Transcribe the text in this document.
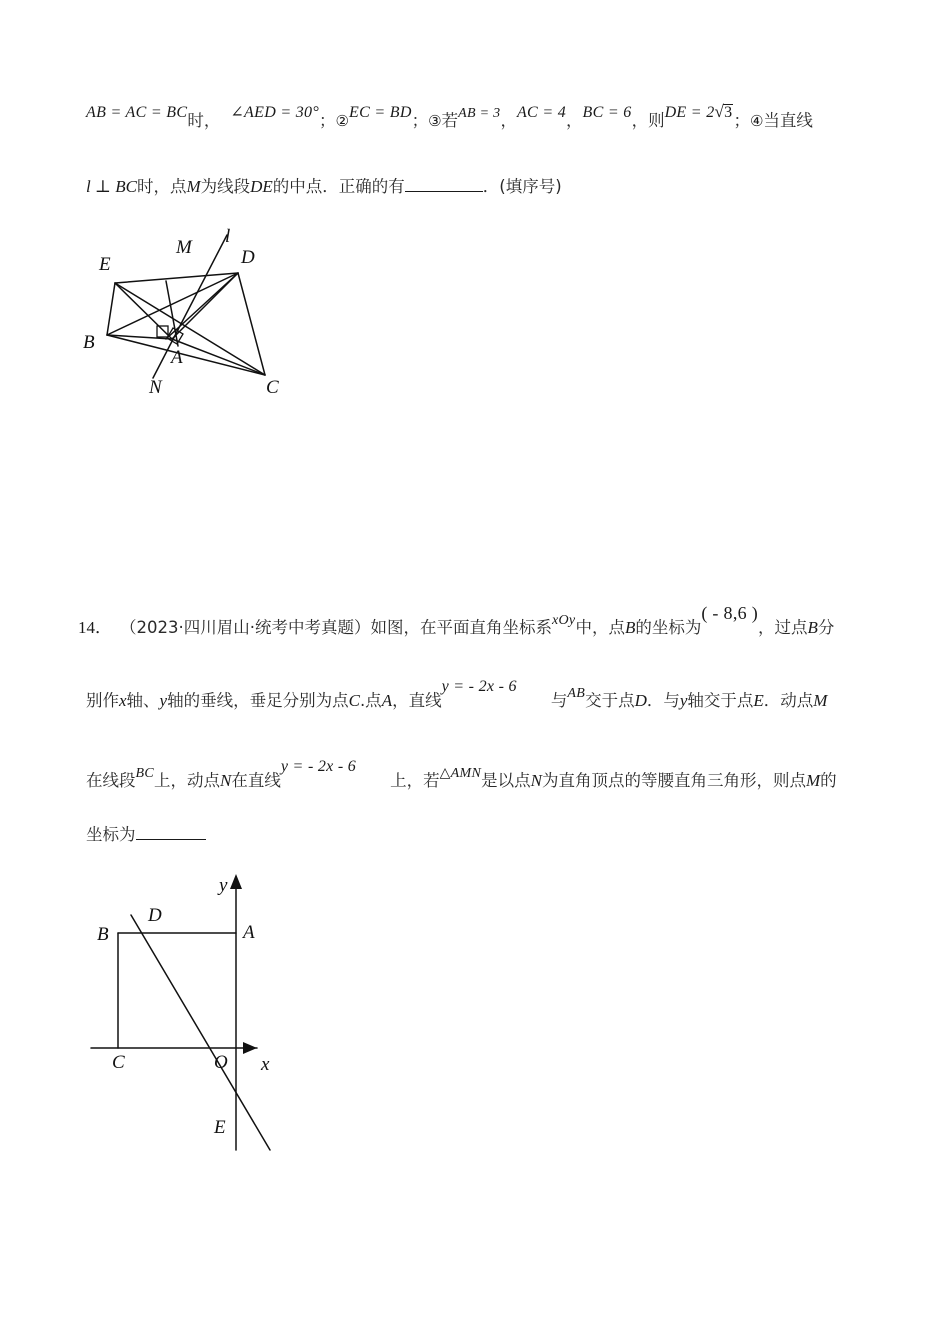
AB = AC = BC时， ∠AED = 30°；②EC = BD；③若AB = 3，AC = 4，BC = 6，则DE = 2√3；④当直线
l ⊥ BC时，点M为线段DE的中点．正确的有	．(填序号)
E
M
l
D
B
A
N	C
14． （2023·四川眉山·统考中考真题）如图，在平面直角坐标系xOy中，点B的坐标为( - 8,6 )，过点B分
别作x轴、y轴的垂线，垂足分别为点C.点A，直线y = - 2x - 6与AB交于点D．与y轴交于点E．动点M
在线段BC上，动点N在直线y = - 2x - 6上，若△AMN是以点N为直角顶点的等腰直角三角形，则点M的
坐标为
B
D
A
C	O
E
x
y
